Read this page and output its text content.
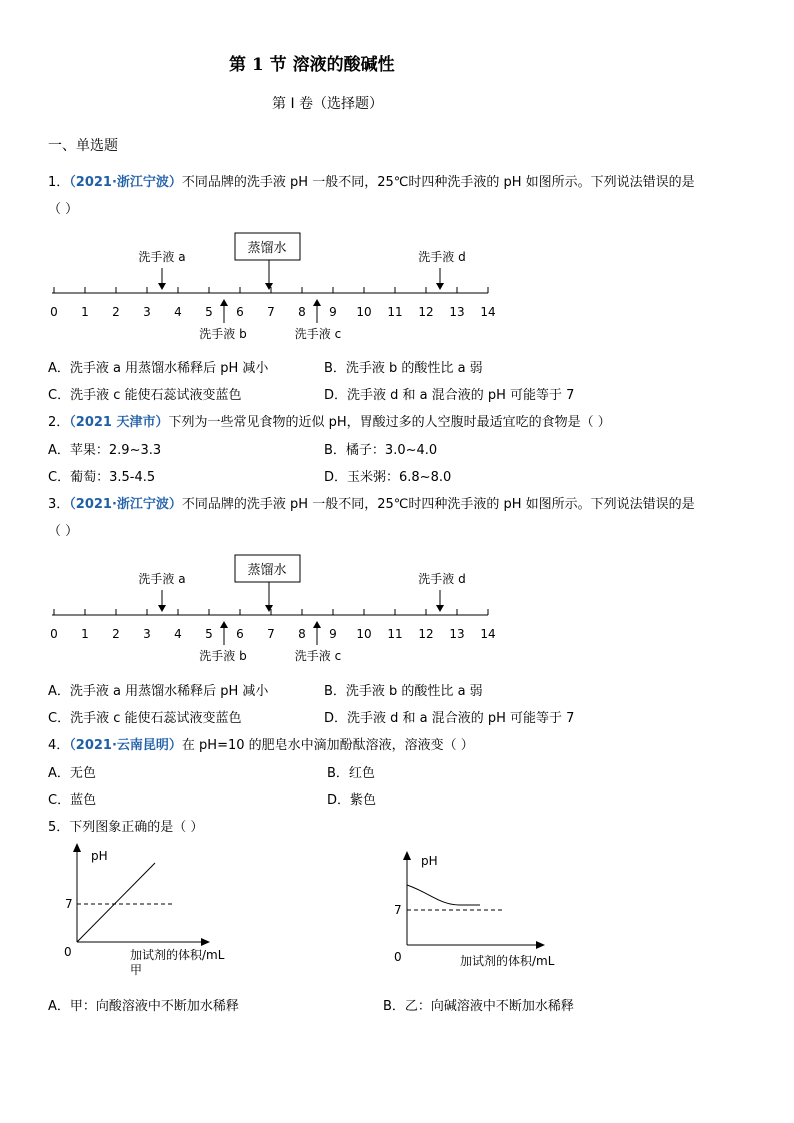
第 1 节 溶液的酸碱性
第 I 卷（选择题）
一、单选题
1．（2021·浙江宁波）不同品牌的洗手液 pH 一般不同，25℃时四种洗手液的 pH 如图所示。下列说法错误的是
（ ）
蒸馏水
洗手液 a	洗手液 d
洗手液 b	洗手液 c
0 1 2 3 4 5 6 7 8 9 10 11 12 13 14
A．洗手液 a 用蒸馏水稀释后 pH 减小	B．洗手液 b 的酸性比 a 弱
C．洗手液 c 能使石蕊试液变蓝色	D．洗手液 d 和 a 混合液的 pH 可能等于 7
2．（2021 天津市）下列为一些常见食物的近似 pH，胃酸过多的人空腹时最适宜吃的食物是（ ）
A．苹果：2.9~3.3	B．橘子：3.0~4.0
C．葡萄：3.5-4.5	D．玉米粥：6.8~8.0
3．（2021·浙江宁波）不同品牌的洗手液 pH 一般不同，25℃时四种洗手液的 pH 如图所示。下列说法错误的是
（ ）
蒸馏水
洗手液 a	洗手液 d
洗手液 b	洗手液 c
0 1 2 3 4 5 6 7 8 9 10 11 12 13 14
A．洗手液 a 用蒸馏水稀释后 pH 减小	B．洗手液 b 的酸性比 a 弱
C．洗手液 c 能使石蕊试液变蓝色	D．洗手液 d 和 a 混合液的 pH 可能等于 7
4．（2021·云南昆明）在 pH=10 的肥皂水中滴加酚酞溶液，溶液变（ ）
A．无色	B．红色
C．蓝色	D．紫色
5．下列图象正确的是（ ）
pH
7
0	加试剂的体积/mL
甲
pH
7
0	加试剂的体积/mL
A．甲：向酸溶液中不断加水稀释	B．乙：向碱溶液中不断加水稀释
